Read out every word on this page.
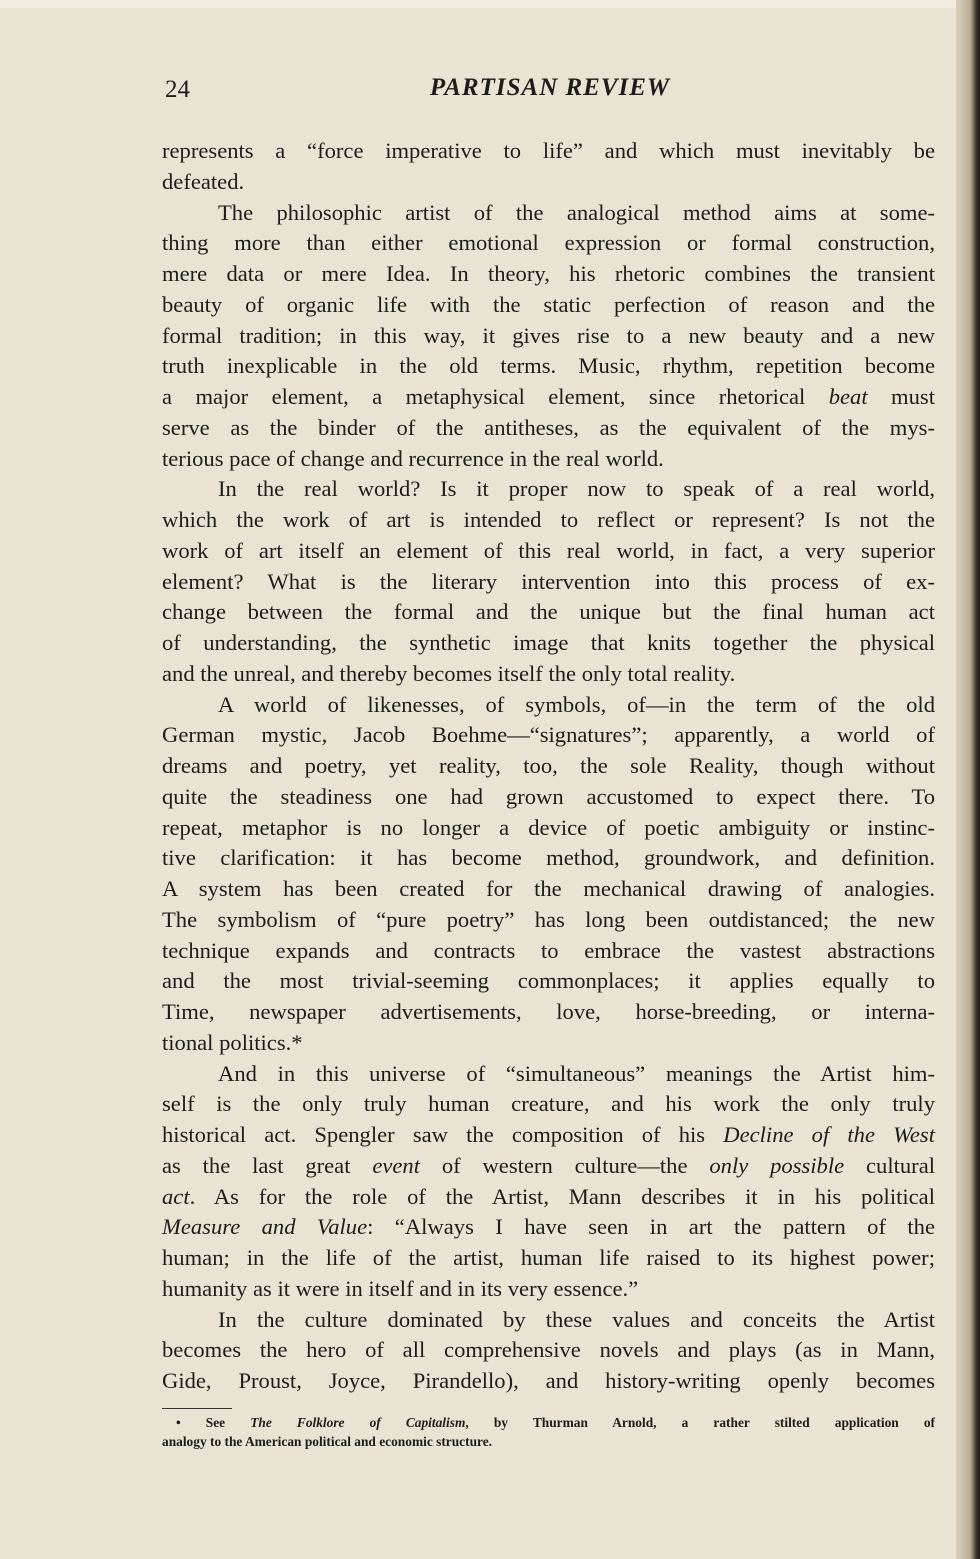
24	PARTISAN REVIEW
represents a “force imperative to life” and which must inevitably be
defeated.
The philosophic artist of the analogical method aims at some-
thing more than either emotional expression or formal construction,
mere data or mere Idea. In theory, his rhetoric combines the transient
beauty of organic life with the static perfection of reason and the
formal tradition; in this way, it gives rise to a new beauty and a new
truth inexplicable in the old terms. Music, rhythm, repetition become
a major element, a metaphysical element, since rhetorical beat must
serve as the binder of the antitheses, as the equivalent of the mys-
terious pace of change and recurrence in the real world.
In the real world? Is it proper now to speak of a real world,
which the work of art is intended to reflect or represent? Is not the
work of art itself an element of this real world, in fact, a very superior
element? What is the literary intervention into this process of ex-
change between the formal and the unique but the final human act
of understanding, the synthetic image that knits together the physical
and the unreal, and thereby becomes itself the only total reality.
A world of likenesses, of symbols, of—in the term of the old
German mystic, Jacob Boehme—“signatures”; apparently, a world of
dreams and poetry, yet reality, too, the sole Reality, though without
quite the steadiness one had grown accustomed to expect there. To
repeat, metaphor is no longer a device of poetic ambiguity or instinc-
tive clarification: it has become method, groundwork, and definition.
A system has been created for the mechanical drawing of analogies.
The symbolism of “pure poetry” has long been outdistanced; the new
technique expands and contracts to embrace the vastest abstractions
and the most trivial-seeming commonplaces; it applies equally to
Time, newspaper advertisements, love, horse-breeding, or interna-
tional politics.*
And in this universe of “simultaneous” meanings the Artist him-
self is the only truly human creature, and his work the only truly
historical act. Spengler saw the composition of his Decline of the West
as the last great event of western culture—the only possible cultural
act. As for the role of the Artist, Mann describes it in his political
Measure and Value: “Always I have seen in art the pattern of the
human; in the life of the artist, human life raised to its highest power;
humanity as it were in itself and in its very essence.”
In the culture dominated by these values and conceits the Artist
becomes the hero of all comprehensive novels and plays (as in Mann,
Gide, Proust, Joyce, Pirandello), and history-writing openly becomes
• See The Folklore of Capitalism, by Thurman Arnold, a rather stilted application of
analogy to the American political and economic structure.
